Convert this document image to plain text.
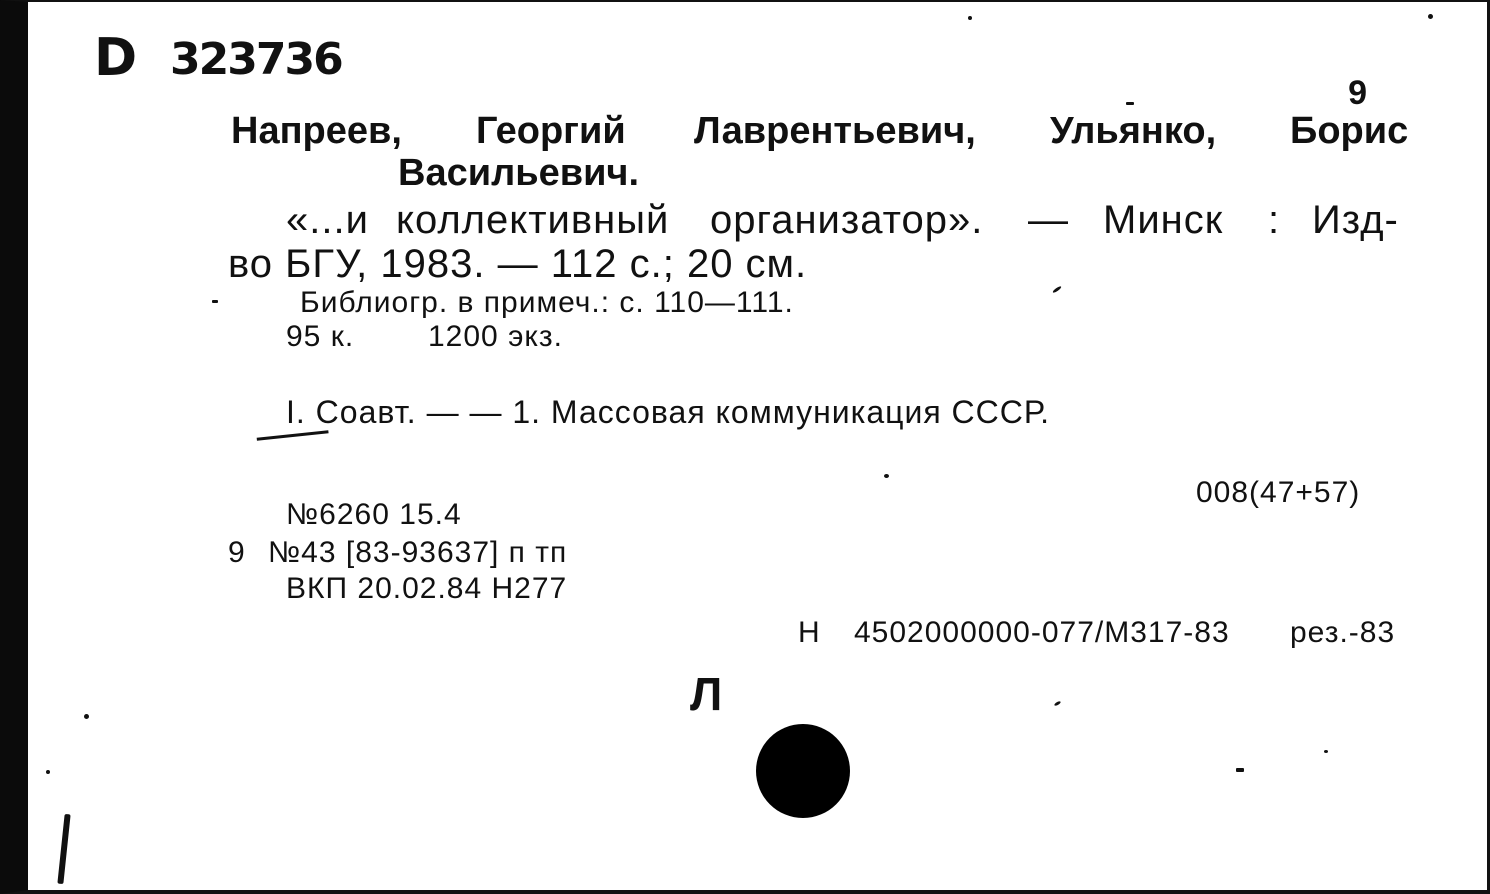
D 323736
9
Напреев, Георгий Лаврентьевич, Ульянко, Борис
Васильевич.
«...и коллективный организатор». — Минск : Изд-
во БГУ, 1983. — 112 с.; 20 см.
Библиогр. в примеч.: с. 110—111.
95 к. 1200 экз.
I. Соавт. — — 1. Массовая коммуникация СССР.
008(47+57)
№6260 15.4
9 №43 [83-93637] п тп
ВКП 20.02.84 Н277
Н 4502000000-077/М317-83 рез.-83
Л
